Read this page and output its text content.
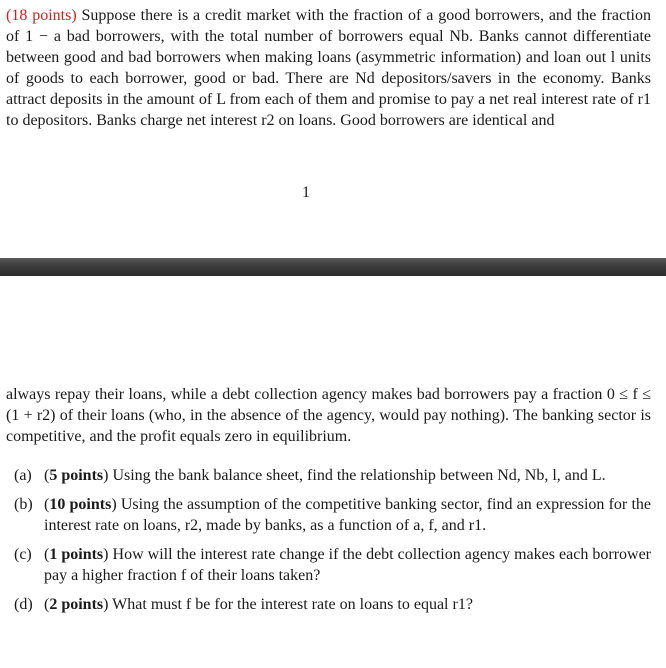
(18 points) Suppose there is a credit market with the fraction of a good borrowers, and the fraction of 1 − a bad borrowers, with the total number of borrowers equal Nb. Banks cannot differentiate between good and bad borrowers when making loans (asymmetric information) and loan out l units of goods to each borrower, good or bad. There are Nd depositors/savers in the economy. Banks attract deposits in the amount of L from each of them and promise to pay a net real interest rate of r1 to depositors. Banks charge net interest r2 on loans. Good borrowers are identical and
1
always repay their loans, while a debt collection agency makes bad borrowers pay a fraction 0 ≤ f ≤ (1 + r2) of their loans (who, in the absence of the agency, would pay nothing). The banking sector is competitive, and the profit equals zero in equilibrium.
(a) (5 points) Using the bank balance sheet, find the relationship between Nd, Nb, l, and L.
(b) (10 points) Using the assumption of the competitive banking sector, find an expression for the interest rate on loans, r2, made by banks, as a function of a, f, and r1.
(c) (1 points) How will the interest rate change if the debt collection agency makes each borrower pay a higher fraction f of their loans taken?
(d) (2 points) What must f be for the interest rate on loans to equal r1?
